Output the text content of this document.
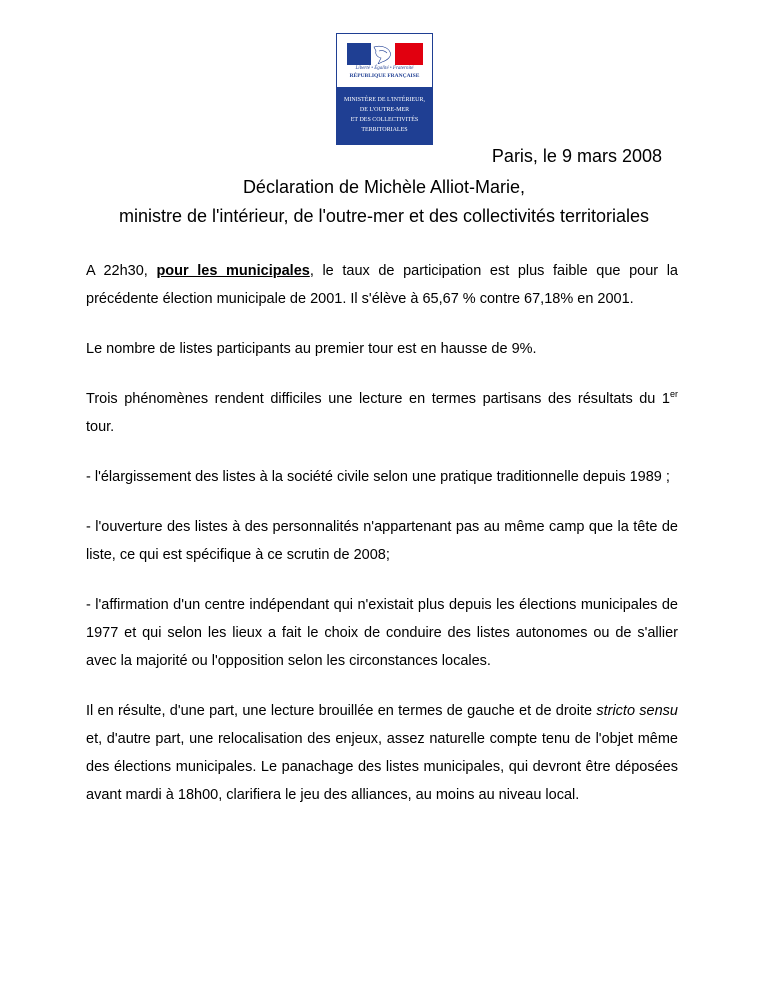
Liberté • Égalité • Fraternité
RÉPUBLIQUE FRANÇAISE
MINISTÈRE DE L'INTÉRIEUR,
DE L'OUTRE-MER
ET DES COLLECTIVITÉS
TERRITORIALES
Paris, le 9 mars 2008
Déclaration de Michèle Alliot-Marie,
ministre de l'intérieur, de l'outre-mer et des collectivités territoriales

A 22h30, pour les municipales, le taux de participation est plus faible que pour la précédente élection municipale de 2001. Il s'élève à 65,67 % contre 67,18% en 2001.

Le nombre de listes participants au premier tour est en hausse de 9%.

Trois phénomènes rendent difficiles une lecture en termes partisans des résultats du 1er tour.

- l'élargissement des listes à la société civile selon une pratique traditionnelle depuis 1989 ;

- l'ouverture des listes à des personnalités n'appartenant pas au même camp que la tête de liste, ce qui est spécifique à ce scrutin de 2008;

- l'affirmation d'un centre indépendant qui n'existait plus depuis les élections municipales de 1977 et qui selon les lieux a fait le choix de conduire des listes autonomes ou de s'allier avec la majorité ou l'opposition selon les circonstances locales.

Il en résulte, d'une part, une lecture brouillée en termes de gauche et de droite stricto sensu et, d'autre part, une relocalisation des enjeux, assez naturelle compte tenu de l'objet même des élections municipales. Le panachage des listes municipales, qui devront être déposées avant mardi à 18h00, clarifiera le jeu des alliances, au moins au niveau local.
